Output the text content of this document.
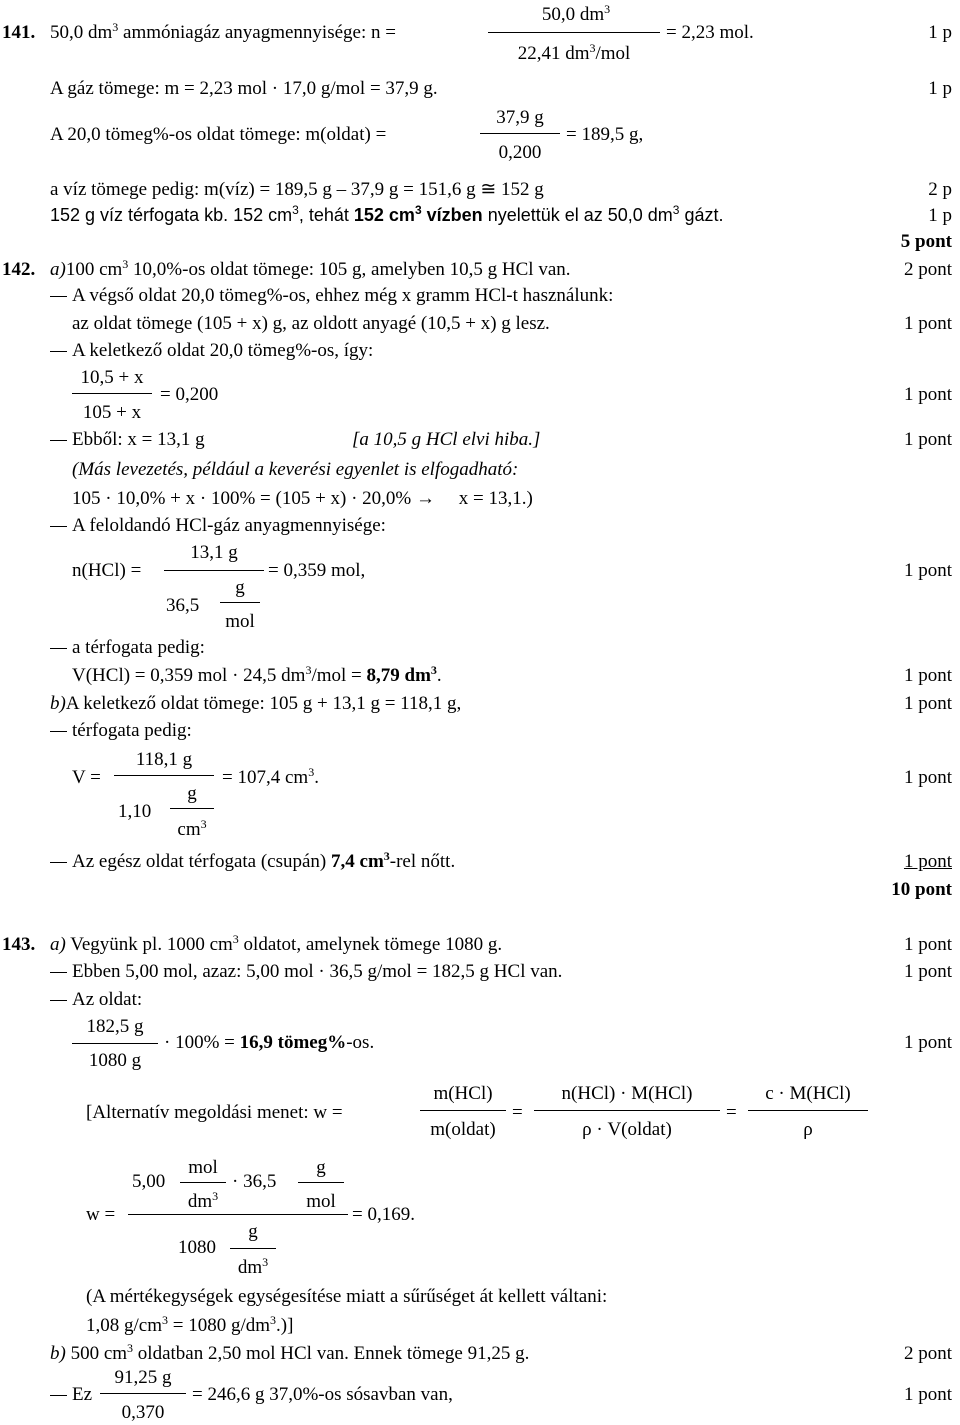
141. 50,0 $dm^3$ ammóniagáz anyagmennyisége: n =
50,0 $dm^3$
22,41 $dm^3$/mol
= 2,23 mol.	1 p
A gáz tömege: m = 2,23 mol · 17,0 g/mol = 37,9 g.	1 p
A 20,0 tömeg%-os oldat tömege: m(oldat) =
37,9 g
0,200
= 189,5 g,
a víz tömege pedig: m(víz) = 189,5 g – 37,9 g = 151,6 g ≅ 152 g	2 p
152 g víz térfogata kb. 152 $cm^3$, tehát 152 $cm^3$ vízben nyelettük el az 50,0 $dm^3$ gázt.	1 p
5 pont
142. a)100 $cm^3$ 10,0%-os oldat tömege: 105 g, amelyben 10,5 g HCl van.	2 pont
A végső oldat 20,0 tömeg%-os, ehhez még x gramm HCl-t használunk:
az oldat tömege (105 + x) g, az oldott anyagé (10,5 + x) g lesz.	1 pont
A keletkező oldat 20,0 tömeg%-os, így:
10,5 + x
105 + x
= 0,200	1 pont
Ebből: x = 13,1 g	[a 10,5 g HCl elvi hiba.]	1 pont
(Más levezetés, például a keverési egyenlet is elfogadható:
105 · 10,0% + x · 100% = (105 + x) · 20,0% → x = 13,1.)
A feloldandó HCl-gáz anyagmennyisége:
n(HCl) =
13,1 g
36,5
g
mol
= 0,359 mol,	1 pont
a térfogata pedig:
V(HCl) = 0,359 mol · 24,5 $dm^3$/mol = 8,79 $dm^3$.	1 pont
b)A keletkező oldat tömege: 105 g + 13,1 g = 118,1 g,	1 pont
térfogata pedig:
V =
118,1 g
1,10
g
$cm^3$
= 107,4 $cm^3$.	1 pont
Az egész oldat térfogata (csupán) 7,4 $cm^3$-rel nőtt.	1 pont
10 pont
143. a) Vegyünk pl. 1000 $cm^3$ oldatot, amelynek tömege 1080 g.	1 pont
Ebben 5,00 mol, azaz: 5,00 mol · 36,5 g/mol = 182,5 g HCl van.	1 pont
Az oldat:
182,5 g
1080 g
· 100% = 16,9 tömeg%-os.	1 pont
[Alternatív megoldási menet: w =
m(HCl)
m(oldat)
=
n(HCl) · M(HCl)
ρ · V(oldat)
=
c · M(HCl)
ρ
w =
5,00
mol
$dm^3$
· 36,5
g
mol
1080
g
$dm^3$
= 0,169.
(A mértékegységek egységesítése miatt a sűrűséget át kellett váltani:
1,08 $g/cm^3 = 1080$ $g/dm^3$.)]
b) 500 $cm^3$ oldatban 2,50 mol HCl van. Ennek tömege 91,25 g.	2 pont
Ez
91,25 g
0,370
= 246,6 g 37,0%-os sósavban van,	1 pont
